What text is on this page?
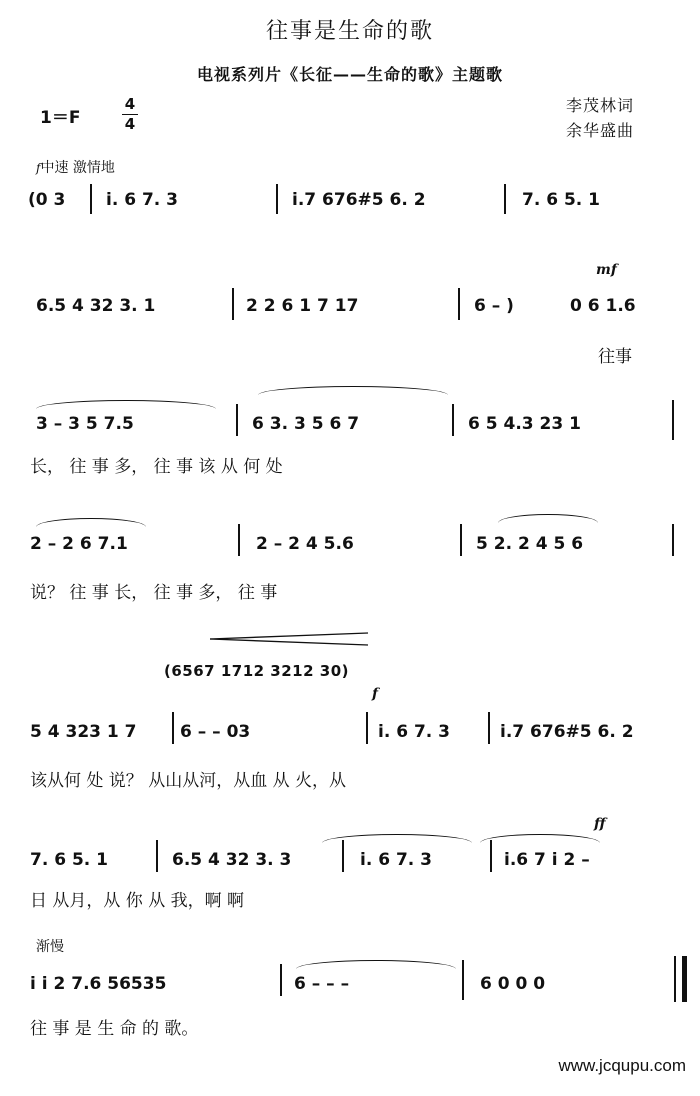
往事是生命的歌
电视系列片《长征——生命的歌》主题歌
李茂林词
余华盛曲
1＝F
4
4
f中速 激情地
(0 3 i. 6 7. 3	i.7 676#5 6. 2	7. 6 5. 1
mf
6.5 4 32 3. 1	2 2 6 1 7 17	6 – )	0 6 1.6
往事
3 – 3 5 7.5	6 3. 3 5 6 7	6 5 4.3 23 1
长， 往 事 多， 往 事 该 从 何 处
2 – 2 6 7.1	2 – 2 4 5.6	5 2. 2 4 5 6
说？ 往 事 长， 往 事 多， 往 事
(6567 1712 3212 30)
f
5 4 323 1 7	6 – – 03	i. 6 7. 3	i.7 676#5 6. 2
该从何 处 说？ 从山从河，从血 从 火，从
ff
7. 6 5. 1	6.5 4 32 3. 3	i. 6 7. 3	i.6 7 i 2 –
日 从月，从 你 从 我，啊 啊
渐慢
i i 2 7.6 56535	6 – – –	6 0 0 0
往 事 是 生 命 的 歌。
www.jcqupu.com
